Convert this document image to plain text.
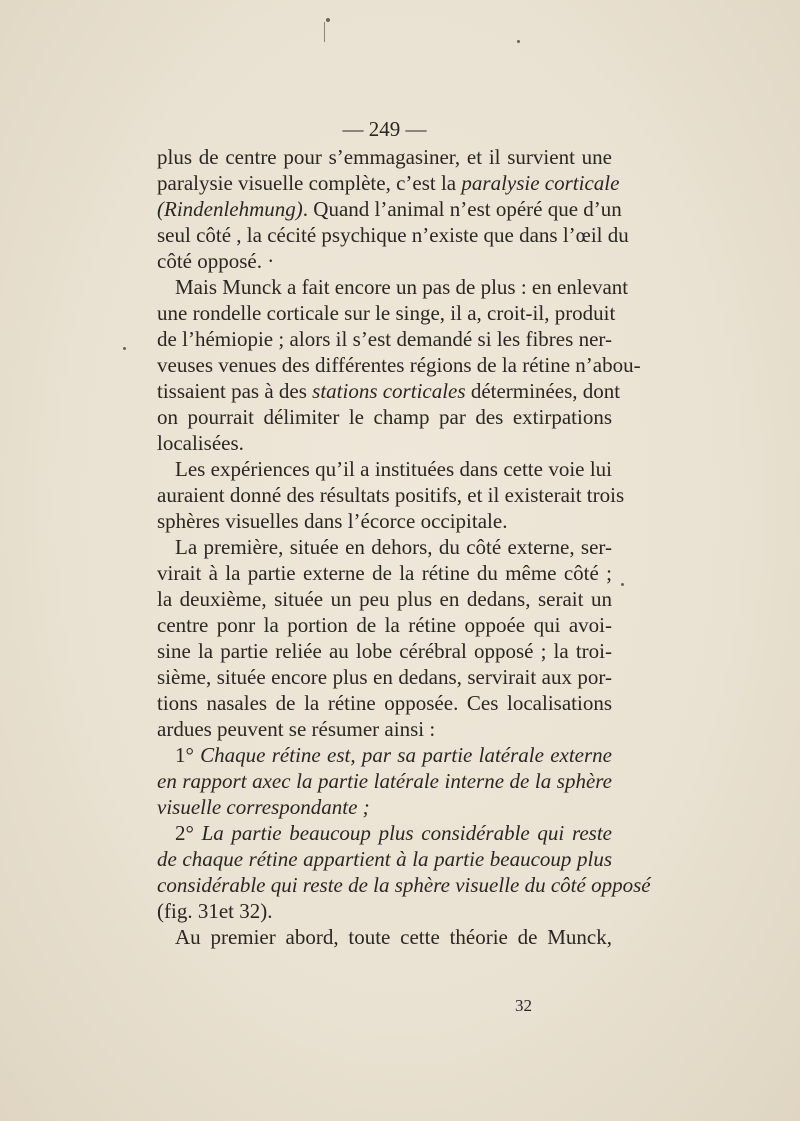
— 249 —
plus de centre pour s’emmagasiner, et il survient une
paralysie visuelle complète, c’est la paralysie corticale
(Rindenlehmung). Quand l’animal n’est opéré que d’un
seul côté , la cécité psychique n’existe que dans l’œil du
côté opposé. ·
Mais Munck a fait encore un pas de plus : en enlevant
une rondelle corticale sur le singe, il a, croit-il, produit
de l’hémiopie ; alors il s’est demandé si les fibres ner-
veuses venues des différentes régions de la rétine n’abou-
tissaient pas à des stations corticales déterminées, dont
on pourrait délimiter le champ par des extirpations
localisées.
Les expériences qu’il a instituées dans cette voie lui
auraient donné des résultats positifs, et il existerait trois
sphères visuelles dans l’écorce occipitale.
La première, située en dehors, du côté externe, ser-
virait à la partie externe de la rétine du même côté ;
la deuxième, située un peu plus en dedans, serait un
centre ponr la portion de la rétine oppoée qui avoi-
sine la partie reliée au lobe cérébral opposé ; la troi-
sième, située encore plus en dedans, servirait aux por-
tions nasales de la rétine opposée. Ces localisations
ardues peuvent se résumer ainsi :
1° Chaque rétine est, par sa partie latérale externe
en rapport axec la partie latérale interne de la sphère
visuelle correspondante ;
2° La partie beaucoup plus considérable qui reste
de chaque rétine appartient à la partie beaucoup plus
considérable qui reste de la sphère visuelle du côté opposé
(fig. 31et 32).
Au premier abord, toute cette théorie de Munck,
32
